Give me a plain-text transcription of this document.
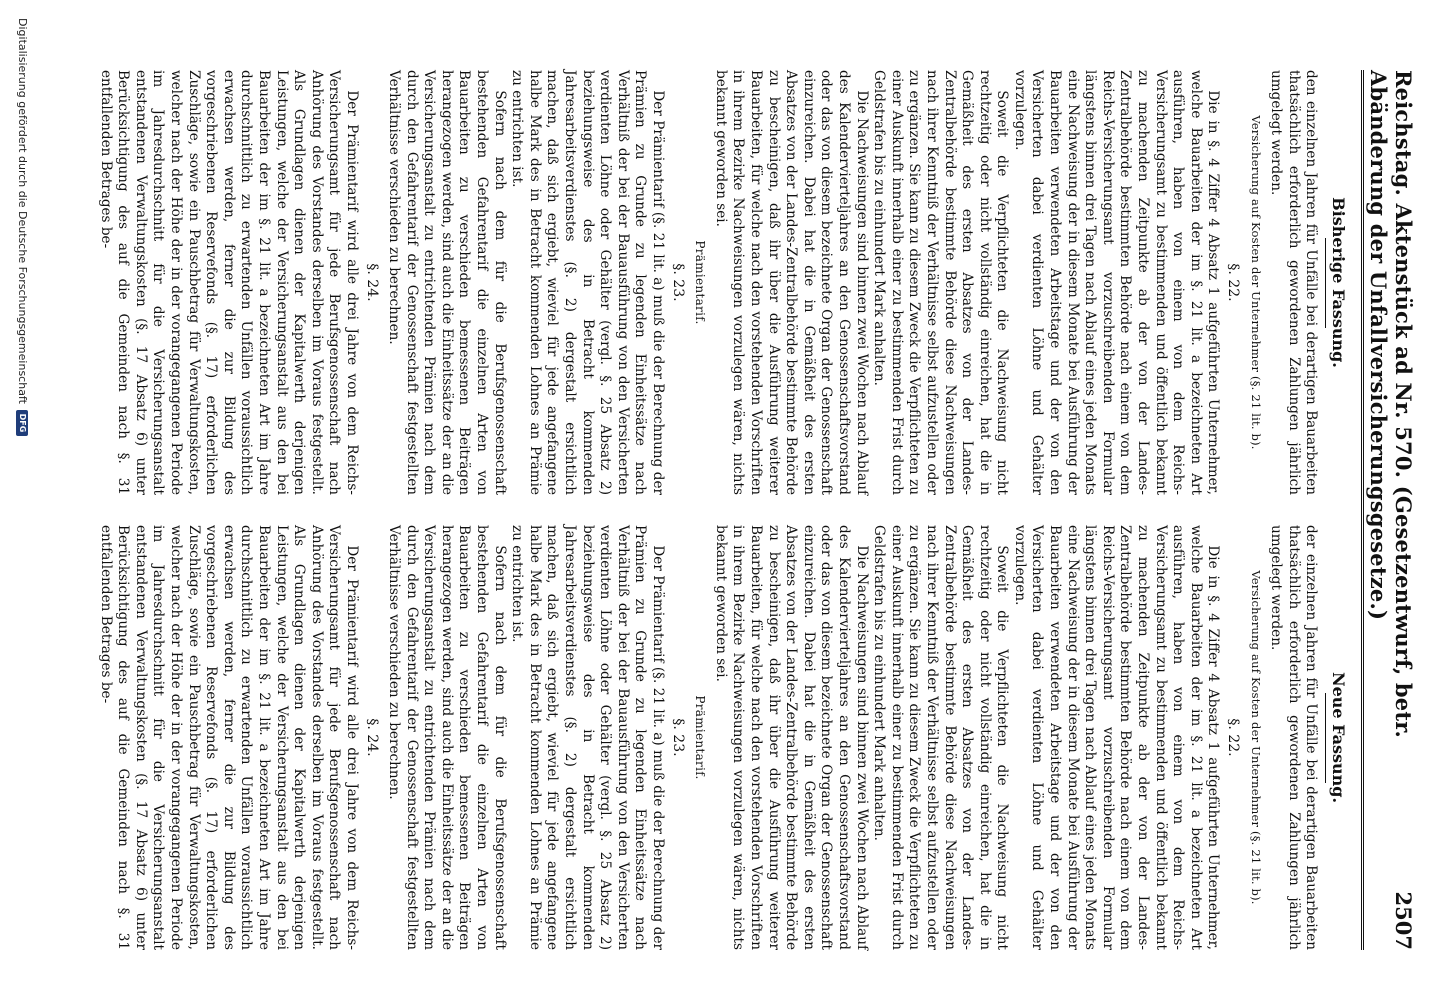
Reichstag. Aktenstück ad Nr. 570. (Gesetzentwurf, betr. Abänderung der Unfallversicherungsgesetze.)
2507
Bisherige Fassung.

den einzelnen Jahren für Unfälle bei derartigen Bauarbeiten thatsächlich erforderlich gewordenen Zahlungen jährlich umgelegt werden.

Versicherung auf Kosten der Unternehmer (§. 21 lit. b).
§. 22.

Die in §. 4 Ziffer 4 Absatz 1 aufgeführten Unternehmer, welche Bauarbeiten der im §. 21 lit. a bezeichneten Art ausführen, haben von einem von dem Reichs-Versicherungsamt zu bestimmenden und öffentlich bekannt zu machenden Zeitpunkte ab der von der Landes-Zentralbehörde bestimmten Behörde nach einem von dem Reichs-Versicherungsamt vorzuschreibenden Formular längstens binnen drei Tagen nach Ablauf eines jeden Monats eine Nachweisung der in diesem Monate bei Ausführung der Bauarbeiten verwendeten Arbeitstage und der von den Versicherten dabei verdienten Löhne und Gehälter vorzulegen.

Soweit die Verpflichteten die Nachweisung nicht rechtzeitig oder nicht vollständig einreichen, hat die in Gemäßheit des ersten Absatzes von der Landes-Zentralbehörde bestimmte Behörde diese Nachweisungen nach ihrer Kenntniß der Verhältnisse selbst aufzustellen oder zu ergänzen. Sie kann zu diesem Zweck die Verpflichteten zu einer Auskunft innerhalb einer zu bestimmenden Frist durch Geldstrafen bis zu einhundert Mark anhalten.

Die Nachweisungen sind binnen zwei Wochen nach Ablauf des Kalendervierteljahres an den Genossenschaftsvorstand oder das von diesem bezeichnete Organ der Genossenschaft einzureichen. Dabei hat die in Gemäßheit des ersten Absatzes von der Landes-Zentralbehörde bestimmte Behörde zu bescheinigen, daß ihr über die Ausführung weiterer Bauarbeiten, für welche nach den vorstehenden Vorschriften in ihrem Bezirke Nachweisungen vorzulegen wären, nichts bekannt geworden sei.

Prämientarif.
§. 23.

Der Prämientarif (§. 21 lit. a) muß die der Berechnung der Prämien zu Grunde zu legenden Einheitssätze nach Verhältniß der bei der Bauausführung von den Versicherten verdienten Löhne oder Gehälter (vergl. §. 25 Absatz 2) beziehungsweise des in Betracht kommenden Jahresarbeitsverdienstes (§. 2) dergestalt ersichtlich machen, daß sich ergiebt, wieviel für jede angefangene halbe Mark des in Betracht kommenden Lohnes an Prämie zu entrichten ist.

Sofern nach dem für die Berufsgenossenschaft bestehenden Gefahrentarif die einzelnen Arten von Bauarbeiten zu verschieden bemessenen Beiträgen herangezogen werden, sind auch die Einheitssätze der an die Versicherungsanstalt zu entrichtenden Prämien nach dem durch den Gefahrentarif der Genossenschaft festgestellten Verhältnisse verschieden zu berechnen.

§. 24.

Der Prämientarif wird alle drei Jahre von dem Reichs-Versicherungsamt für jede Berufsgenossenschaft nach Anhörung des Vorstandes derselben im Voraus festgestellt. Als Grundlagen dienen der Kapitalwerth derjenigen Leistungen, welche der Versicherungsanstalt aus den bei Bauarbeiten der im §. 21 lit. a bezeichneten Art im Jahre durchschnittlich zu erwartenden Unfällen voraussichtlich erwachsen werden, ferner die zur Bildung des vorgeschriebenen Reservefonds (§. 17) erforderlichen Zuschläge, sowie ein Pauschbetrag für Verwaltungskosten, welcher nach der Höhe der in der vorangegangenen Periode im Jahresdurchschnitt für die Versicherungsanstalt entstandenen Verwaltungskosten (§. 17 Absatz 6) unter Berücksichtigung des auf die Gemeinden nach §. 31 entfallenden Betrages be-

Neue Fassung.

der einzelnen Jahren für Unfälle bei derartigen Bauarbeiten thatsächlich erforderlich gewordenen Zahlungen jährlich umgelegt werden.

Versicherung auf Kosten der Unternehmer (§. 21 lit. b).
§. 22.

Die in §. 4 Ziffer 4 Absatz 1 aufgeführten Unternehmer, welche Bauarbeiten der im §. 21 lit. a bezeichneten Art ausführen, haben von einem von dem Reichs-Versicherungsamt zu bestimmenden und öffentlich bekannt zu machenden Zeitpunkte ab der von der Landes-Zentralbehörde bestimmten Behörde nach einem von dem Reichs-Versicherungsamt vorzuschreibenden Formular längstens binnen drei Tagen nach Ablauf eines jeden Monats eine Nachweisung der in diesem Monate bei Ausführung der Bauarbeiten verwendeten Arbeitstage und der von den Versicherten dabei verdienten Löhne und Gehälter vorzulegen.

Soweit die Verpflichteten die Nachweisung nicht rechtzeitig oder nicht vollständig einreichen, hat die in Gemäßheit des ersten Absatzes von der Landes-Zentralbehörde bestimmte Behörde diese Nachweisungen nach ihrer Kenntniß der Verhältnisse selbst aufzustellen oder zu ergänzen. Sie kann zu diesem Zweck die Verpflichteten zu einer Auskunft innerhalb einer zu bestimmenden Frist durch Geldstrafen bis zu einhundert Mark anhalten.

Die Nachweisungen sind binnen zwei Wochen nach Ablauf des Kalendervierteljahres an den Genossenschaftsvorstand oder das von diesem bezeichnete Organ der Genossenschaft einzureichen. Dabei hat die in Gemäßheit des ersten Absatzes von der Landes-Zentralbehörde bestimmte Behörde zu bescheinigen, daß ihr über die Ausführung weiterer Bauarbeiten, für welche nach den vorstehenden Vorschriften in ihrem Bezirke Nachweisungen vorzulegen wären, nichts bekannt geworden sei.

Prämientarif.
§. 23.

Der Prämientarif (§. 21 lit. a) muß die der Berechnung der Prämien zu Grunde zu legenden Einheitssätze nach Verhältniß der bei der Bauausführung von den Versicherten verdienten Löhne oder Gehälter (vergl. §. 25 Absatz 2) beziehungsweise des in Betracht kommenden Jahresarbeitsverdienstes (§. 2) dergestalt ersichtlich machen, daß sich ergiebt, wieviel für jede angefangene halbe Mark des in Betracht kommenden Lohnes an Prämie zu entrichten ist.

Sofern nach dem für die Berufsgenossenschaft bestehenden Gefahrentarif die einzelnen Arten von Bauarbeiten zu verschieden bemessenen Beiträgen herangezogen werden, sind auch die Einheitssätze der an die Versicherungsanstalt zu entrichtenden Prämien nach dem durch den Gefahrentarif der Genossenschaft festgestellten Verhältnisse verschieden zu berechnen.

§. 24.

Der Prämientarif wird alle drei Jahre von dem Reichs-Versicherungsamt für jede Berufsgenossenschaft nach Anhörung des Vorstandes derselben im Voraus festgestellt. Als Grundlagen dienen der Kapitalwerth derjenigen Leistungen, welche der Versicherungsanstalt aus den bei Bauarbeiten der im §. 21 lit. a bezeichneten Art im Jahre durchschnittlich zu erwartenden Unfällen voraussichtlich erwachsen werden, ferner die zur Bildung des vorgeschriebenen Reservefonds (§. 17) erforderlichen Zuschläge, sowie ein Pauschbetrag für Verwaltungskosten, welcher nach der Höhe der in der vorangegangenen Periode im Jahresdurchschnitt für die Versicherungsanstalt entstandenen Verwaltungskosten (§. 17 Absatz 6) unter Berücksichtigung des auf die Gemeinden nach §. 31 entfallenden Betrages be-

Digitalisierung gefördert durch die Deutsche Forschungsgemeinschaft
DFG
